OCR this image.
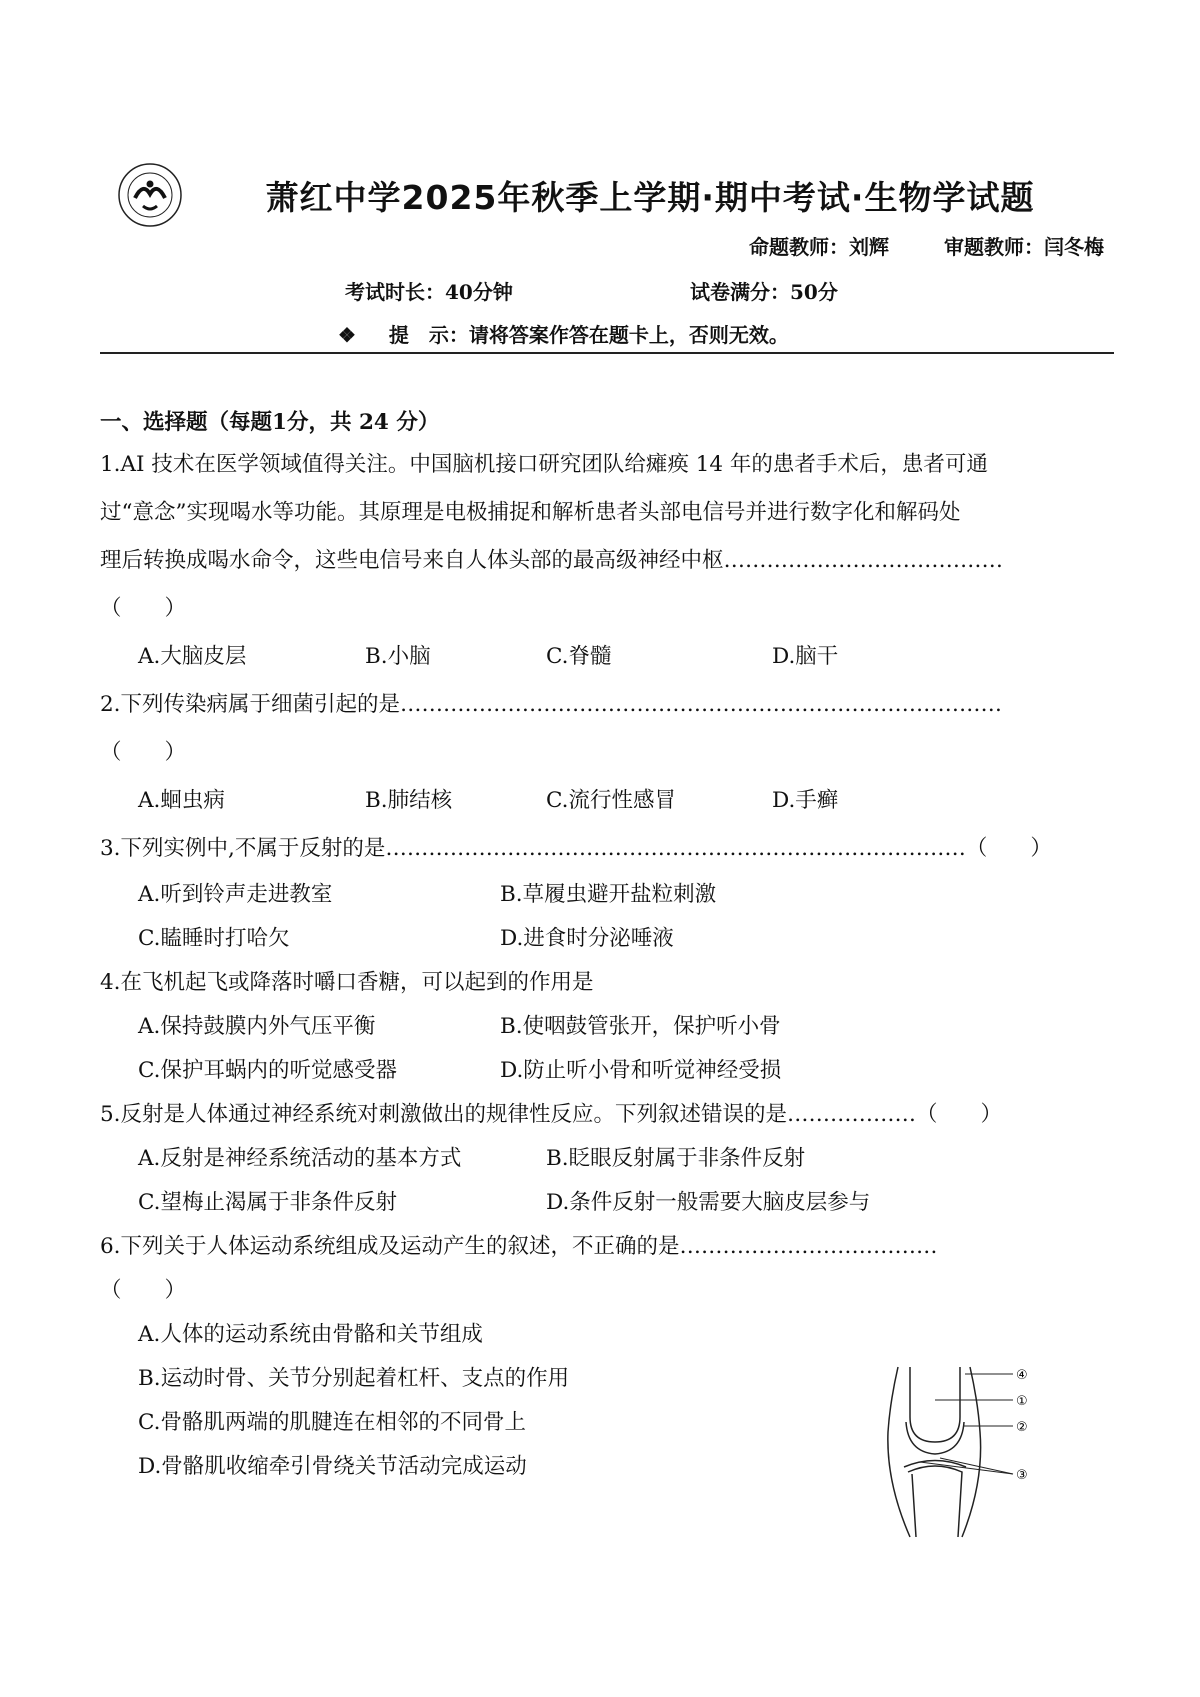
萧红中学2025年秋季上学期·期中考试·生物学试题
命题教师：刘辉	审题教师：闫冬梅
考试时长：40分钟	试卷满分：50分
❖ 提　示：请将答案作答在题卡上，否则无效。
一、选择题（每题1分，共 24 分）
1.AI 技术在医学领域值得关注。中国脑机接口研究团队给瘫痪 14 年的患者手术后，患者可通
过“意念”实现喝水等功能。其原理是电极捕捉和解析患者头部电信号并进行数字化和解码处
理后转换成喝水命令，这些电信号来自人体头部的最高级神经中枢…………………………………
（　　）
A.大脑皮层	B.小脑	C.脊髓	D.脑干
2.下列传染病属于细菌引起的是…………………………………………………………………………
（　　）
A.蛔虫病	B.肺结核	C.流行性感冒	D.手癣
3.下列实例中,不属于反射的是………………………………………………………………………（　　）
A.听到铃声走进教室	B.草履虫避开盐粒刺激
C.瞌睡时打哈欠	D.进食时分泌唾液
4.在飞机起飞或降落时嚼口香糖，可以起到的作用是
A.保持鼓膜内外气压平衡	B.使咽鼓管张开，保护听小骨
C.保护耳蜗内的听觉感受器	D.防止听小骨和听觉神经受损
5.反射是人体通过神经系统对刺激做出的规律性反应。下列叙述错误的是………………（　　）
A.反射是神经系统活动的基本方式	B.眨眼反射属于非条件反射
C.望梅止渴属于非条件反射	D.条件反射一般需要大脑皮层参与
6.下列关于人体运动系统组成及运动产生的叙述，不正确的是………………………………
（　　）
A.人体的运动系统由骨骼和关节组成
B.运动时骨、关节分别起着杠杆、支点的作用
C.骨骼肌两端的肌腱连在相邻的不同骨上
D.骨骼肌收缩牵引骨绕关节活动完成运动
④
①
②
③
